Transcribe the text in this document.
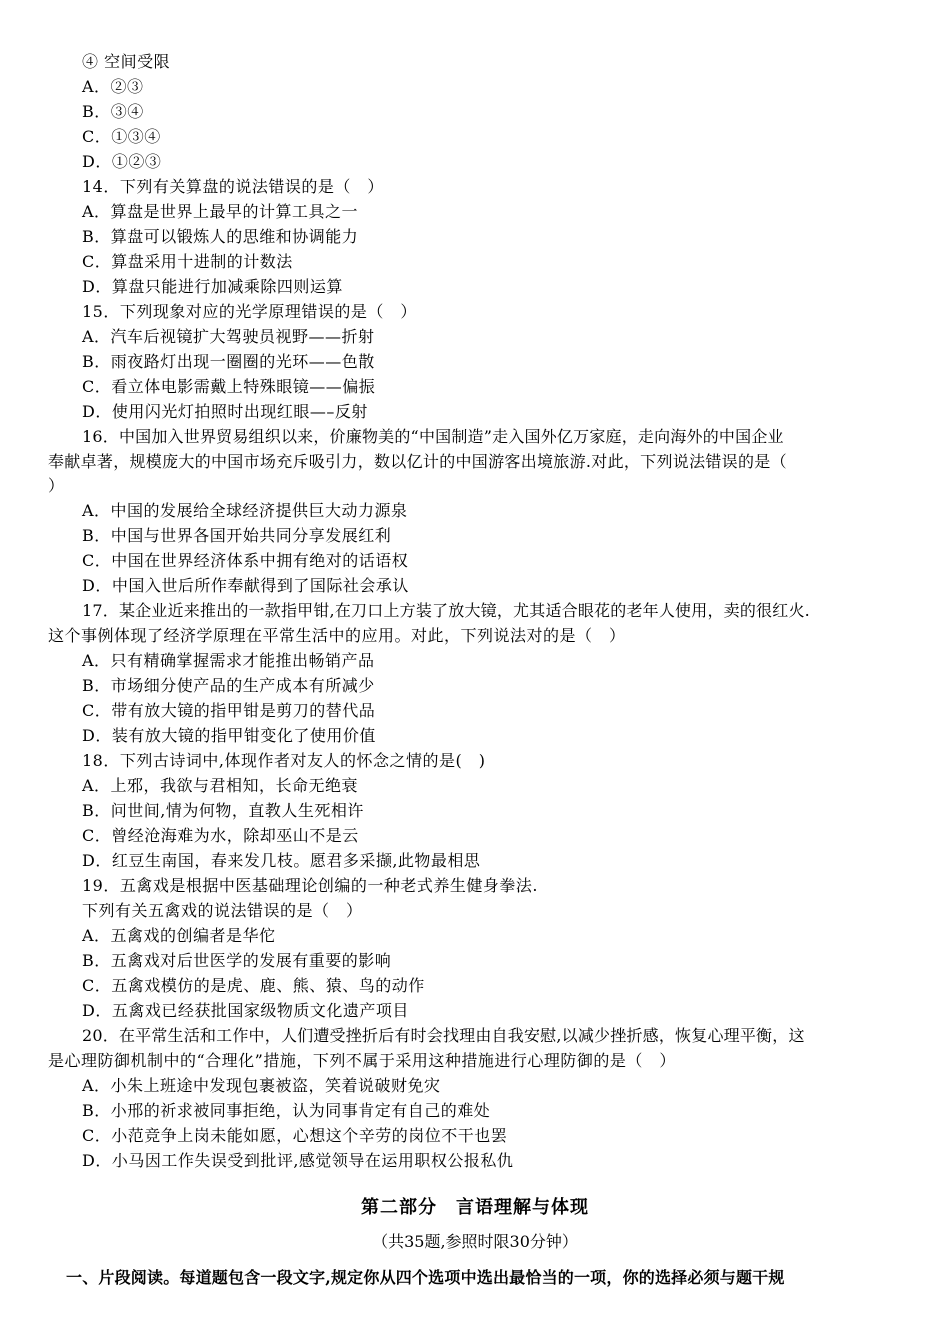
④ 空间受限
A．②③
B．③④
C．①③④
D．①②③
14．下列有关算盘的说法错误的是（　）
A．算盘是世界上最早的计算工具之一
B．算盘可以锻炼人的思维和协调能力
C．算盘采用十进制的计数法
D．算盘只能进行加减乘除四则运算
15．下列现象对应的光学原理错误的是（　）
A．汽车后视镜扩大驾驶员视野——折射
B．雨夜路灯出现一圈圈的光环——色散
C．看立体电影需戴上特殊眼镜——偏振
D．使用闪光灯拍照时出现红眼—–反射
16．中国加入世界贸易组织以来，价廉物美的“中国制造”走入国外亿万家庭，走向海外的中国企业
奉献卓著，规模庞大的中国市场充斥吸引力，数以亿计的中国游客出境旅游.对此，下列说法错误的是（
）
A．中国的发展给全球经济提供巨大动力源泉
B．中国与世界各国开始共同分享发展红利
C．中国在世界经济体系中拥有绝对的话语权
D．中国入世后所作奉献得到了国际社会承认
17．某企业近来推出的一款指甲钳,在刀口上方装了放大镜，尤其适合眼花的老年人使用，卖的很红火.
这个事例体现了经济学原理在平常生活中的应用。对此，下列说法对的是（　）
A．只有精确掌握需求才能推出畅销产品
B．市场细分使产品的生产成本有所减少
C．带有放大镜的指甲钳是剪刀的替代品
D．装有放大镜的指甲钳变化了使用价值
18．下列古诗词中,体现作者对友人的怀念之情的是(　)
A．上邪，我欲与君相知，长命无绝衰
B．问世间,情为何物，直教人生死相许
C．曾经沧海难为水，除却巫山不是云
D．红豆生南国，春来发几枝。愿君多采撷,此物最相思
19．五禽戏是根据中医基础理论创编的一种老式养生健身拳法.
下列有关五禽戏的说法错误的是（　）
A．五禽戏的创编者是华佗
B．五禽戏对后世医学的发展有重要的影响
C．五禽戏模仿的是虎、鹿、熊、猿、鸟的动作
D．五禽戏已经获批国家级物质文化遗产项目
20．在平常生活和工作中，人们遭受挫折后有时会找理由自我安慰,以减少挫折感，恢复心理平衡，这
是心理防御机制中的“合理化”措施，下列不属于采用这种措施进行心理防御的是（　）
A．小朱上班途中发现包裹被盗，笑着说破财免灾
B．小邢的祈求被同事拒绝，认为同事肯定有自己的难处
C．小范竞争上岗未能如愿，心想这个辛劳的岗位不干也罢
D．小马因工作失误受到批评,感觉领导在运用职权公报私仇
第二部分　言语理解与体现
（共35题,参照时限30分钟）
一、片段阅读。每道题包含一段文字,规定你从四个选项中选出最恰当的一项，你的选择必须与题干规
